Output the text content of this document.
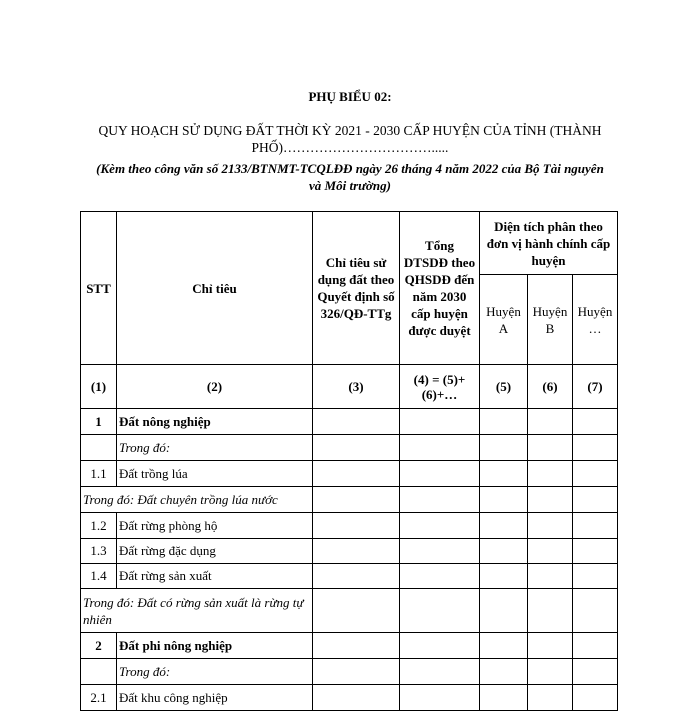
PHỤ BIỂU 02:
QUY HOẠCH SỬ DỤNG ĐẤT THỜI KỲ 2021 - 2030 CẤP HUYỆN CỦA TỈNH (THÀNH PHỐ)…………………………….....
(Kèm theo công văn số 2133/BTNMT-TCQLĐĐ ngày 26 tháng 4 năm 2022 của Bộ Tài nguyên và Môi trường)
STT	Chỉ tiêu	Chỉ tiêu sử dụng đất theo Quyết định số 326/QĐ-TTg	Tổng DTSDĐ theo QHSDĐ đến năm 2030 cấp huyện được duyệt	Diện tích phân theo đơn vị hành chính cấp huyện		
				Huyện A	Huyện B	Huyện …
(1)	(2)	(3)	(4) = (5)+(6)+…	(5)	(6)	(7)
1	Đất nông nghiệp					
	Trong đó:					
1.1	Đất trồng lúa					
Trong đó: Đất chuyên trồng lúa nước						
1.2	Đất rừng phòng hộ					
1.3	Đất rừng đặc dụng					
1.4	Đất rừng sản xuất					
Trong đó: Đất có rừng sản xuất là rừng tự nhiên						
2	Đất phi nông nghiệp					
	Trong đó:					
2.1	Đất khu công nghiệp					
